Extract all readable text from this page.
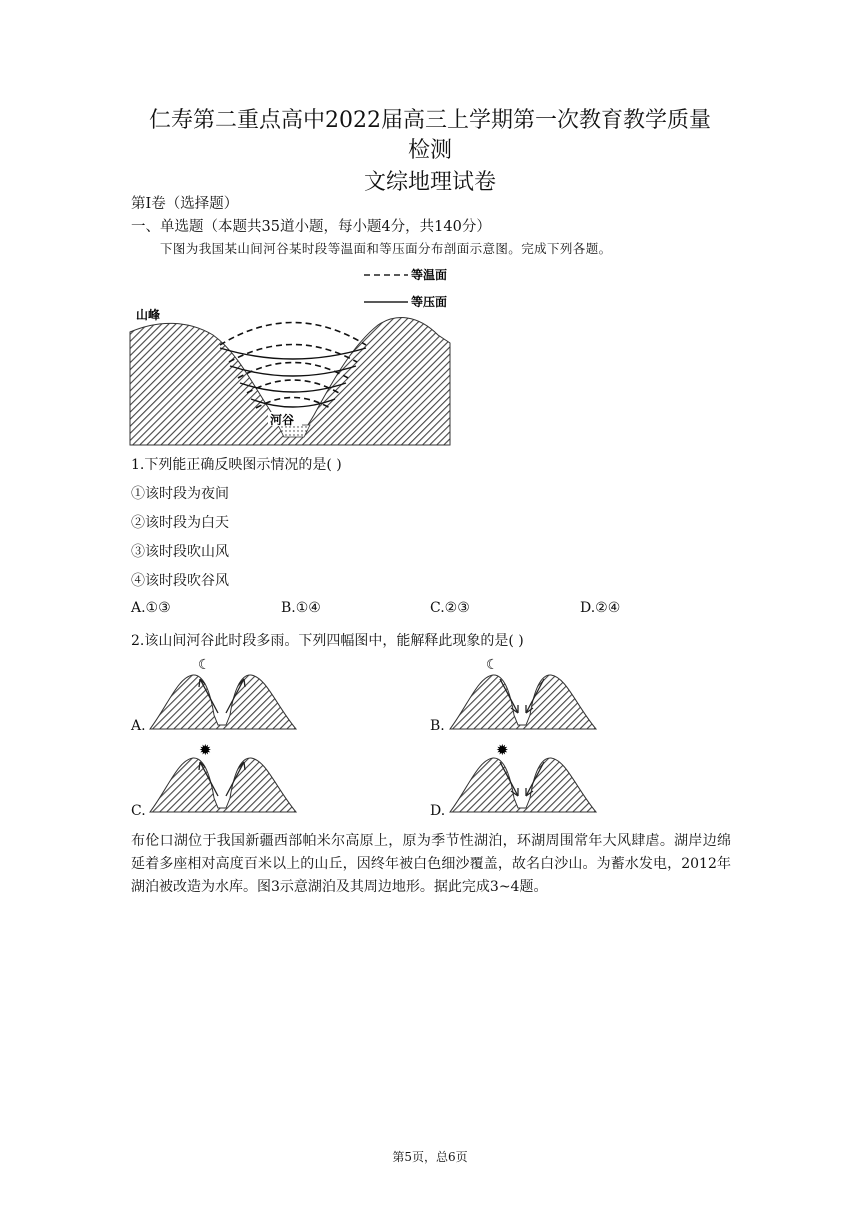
仁寿第二重点高中2022届高三上学期第一次教育教学质量
检测
文综地理试卷
第Ⅰ卷（选择题）
一、单选题（本题共35道小题，每小题4分，共140分）
下图为我国某山间河谷某时段等温面和等压面分布剖面示意图。完成下列各题。
等温面
等压面
山峰
河谷
1.下列能正确反映图示情况的是( )
①该时段为夜间
②该时段为白天
③该时段吹山风
④该时段吹谷风
A.①③	B.①④	C.②③	D.②④
2.该山间河谷此时段多雨。下列四幅图中，能解释此现象的是( )
A.	B.
C.	D.
☾	☾
✹	✹
布伦口湖位于我国新疆西部帕米尔高原上，原为季节性湖泊，环湖周围常年大风肆虐。湖岸边绵延着多座相对高度百米以上的山丘，因终年被白色细沙覆盖，故名白沙山。为蓄水发电，2012年湖泊被改造为水库。图3示意湖泊及其周边地形。据此完成3~4题。
第5页，总6页
